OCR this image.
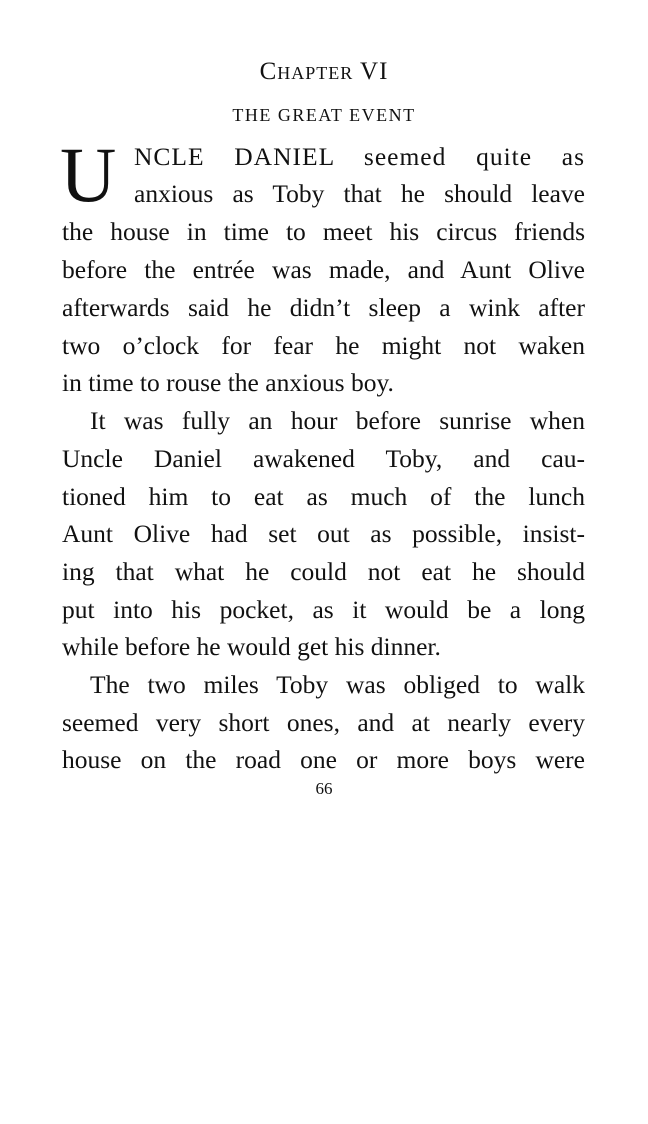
Chapter VI
THE GREAT EVENT
U NCLE DANIEL seemed quite as
anxious as Toby that he should leave
the house in time to meet his circus friends
before the entrée was made, and Aunt Olive
afterwards said he didn’t sleep a wink after
two o’clock for fear he might not waken
in time to rouse the anxious boy.
It was fully an hour before sunrise when
Uncle Daniel awakened Toby, and cau-
tioned him to eat as much of the lunch
Aunt Olive had set out as possible, insist-
ing that what he could not eat he should
put into his pocket, as it would be a long
while before he would get his dinner.
The two miles Toby was obliged to walk
seemed very short ones, and at nearly every
house on the road one or more boys were
66
